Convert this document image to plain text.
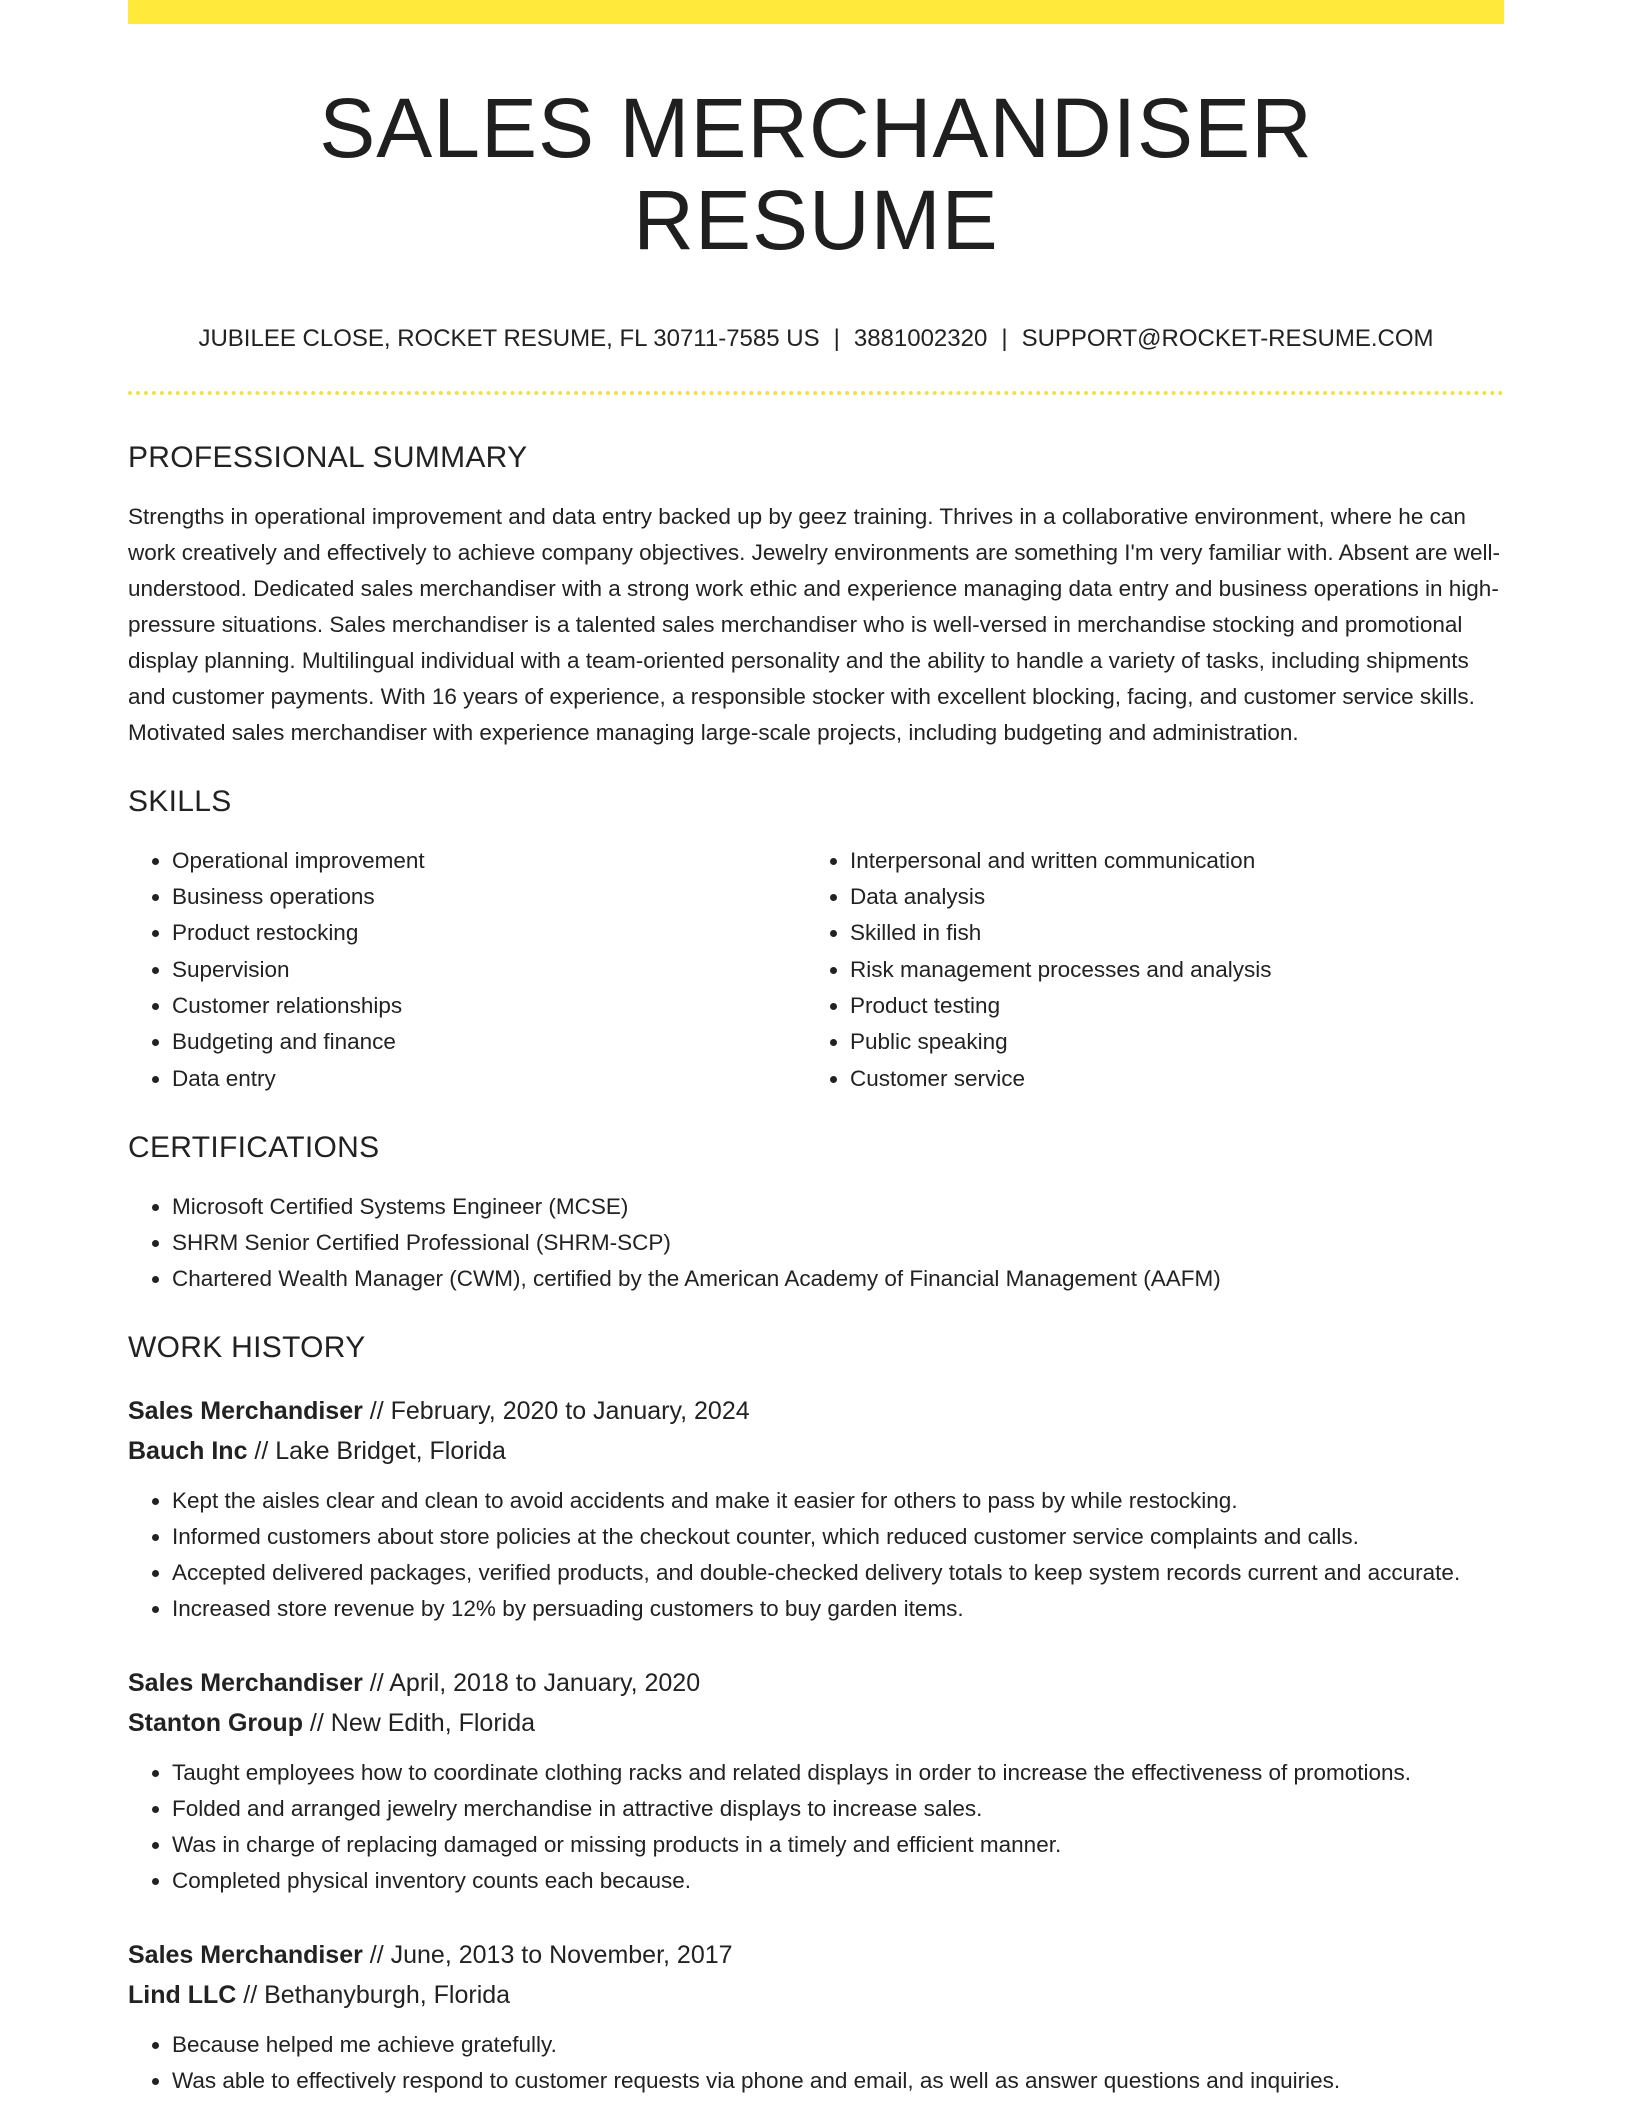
SALES MERCHANDISER RESUME
JUBILEE CLOSE, ROCKET RESUME, FL 30711-7585 US | 3881002320 | SUPPORT@ROCKET-RESUME.COM
PROFESSIONAL SUMMARY

Strengths in operational improvement and data entry backed up by geez training. Thrives in a collaborative environment, where he can work creatively and effectively to achieve company objectives. Jewelry environments are something I'm very familiar with. Absent are well-understood. Dedicated sales merchandiser with a strong work ethic and experience managing data entry and business operations in high-pressure situations. Sales merchandiser is a talented sales merchandiser who is well-versed in merchandise stocking and promotional display planning. Multilingual individual with a team-oriented personality and the ability to handle a variety of tasks, including shipments and customer payments. With 16 years of experience, a responsible stocker with excellent blocking, facing, and customer service skills. Motivated sales merchandiser with experience managing large-scale projects, including budgeting and administration.

SKILLS
• Operational improvement
• Business operations
• Product restocking
• Supervision
• Customer relationships
• Budgeting and finance
• Data entry
• Interpersonal and written communication
• Data analysis
• Skilled in fish
• Risk management processes and analysis
• Product testing
• Public speaking
• Customer service
CERTIFICATIONS
• Microsoft Certified Systems Engineer (MCSE)
• SHRM Senior Certified Professional (SHRM-SCP)
• Chartered Wealth Manager (CWM), certified by the American Academy of Financial Management (AAFM)
WORK HISTORY
Sales Merchandiser // February, 2020 to January, 2024
Bauch Inc // Lake Bridget, Florida
• Kept the aisles clear and clean to avoid accidents and make it easier for others to pass by while restocking.
• Informed customers about store policies at the checkout counter, which reduced customer service complaints and calls.
• Accepted delivered packages, verified products, and double-checked delivery totals to keep system records current and accurate.
• Increased store revenue by 12% by persuading customers to buy garden items.
Sales Merchandiser // April, 2018 to January, 2020
Stanton Group // New Edith, Florida
• Taught employees how to coordinate clothing racks and related displays in order to increase the effectiveness of promotions.
• Folded and arranged jewelry merchandise in attractive displays to increase sales.
• Was in charge of replacing damaged or missing products in a timely and efficient manner.
• Completed physical inventory counts each because.
Sales Merchandiser // June, 2013 to November, 2017
Lind LLC // Bethanyburgh, Florida
• Because helped me achieve gratefully.
• Was able to effectively respond to customer requests via phone and email, as well as answer questions and inquiries.
